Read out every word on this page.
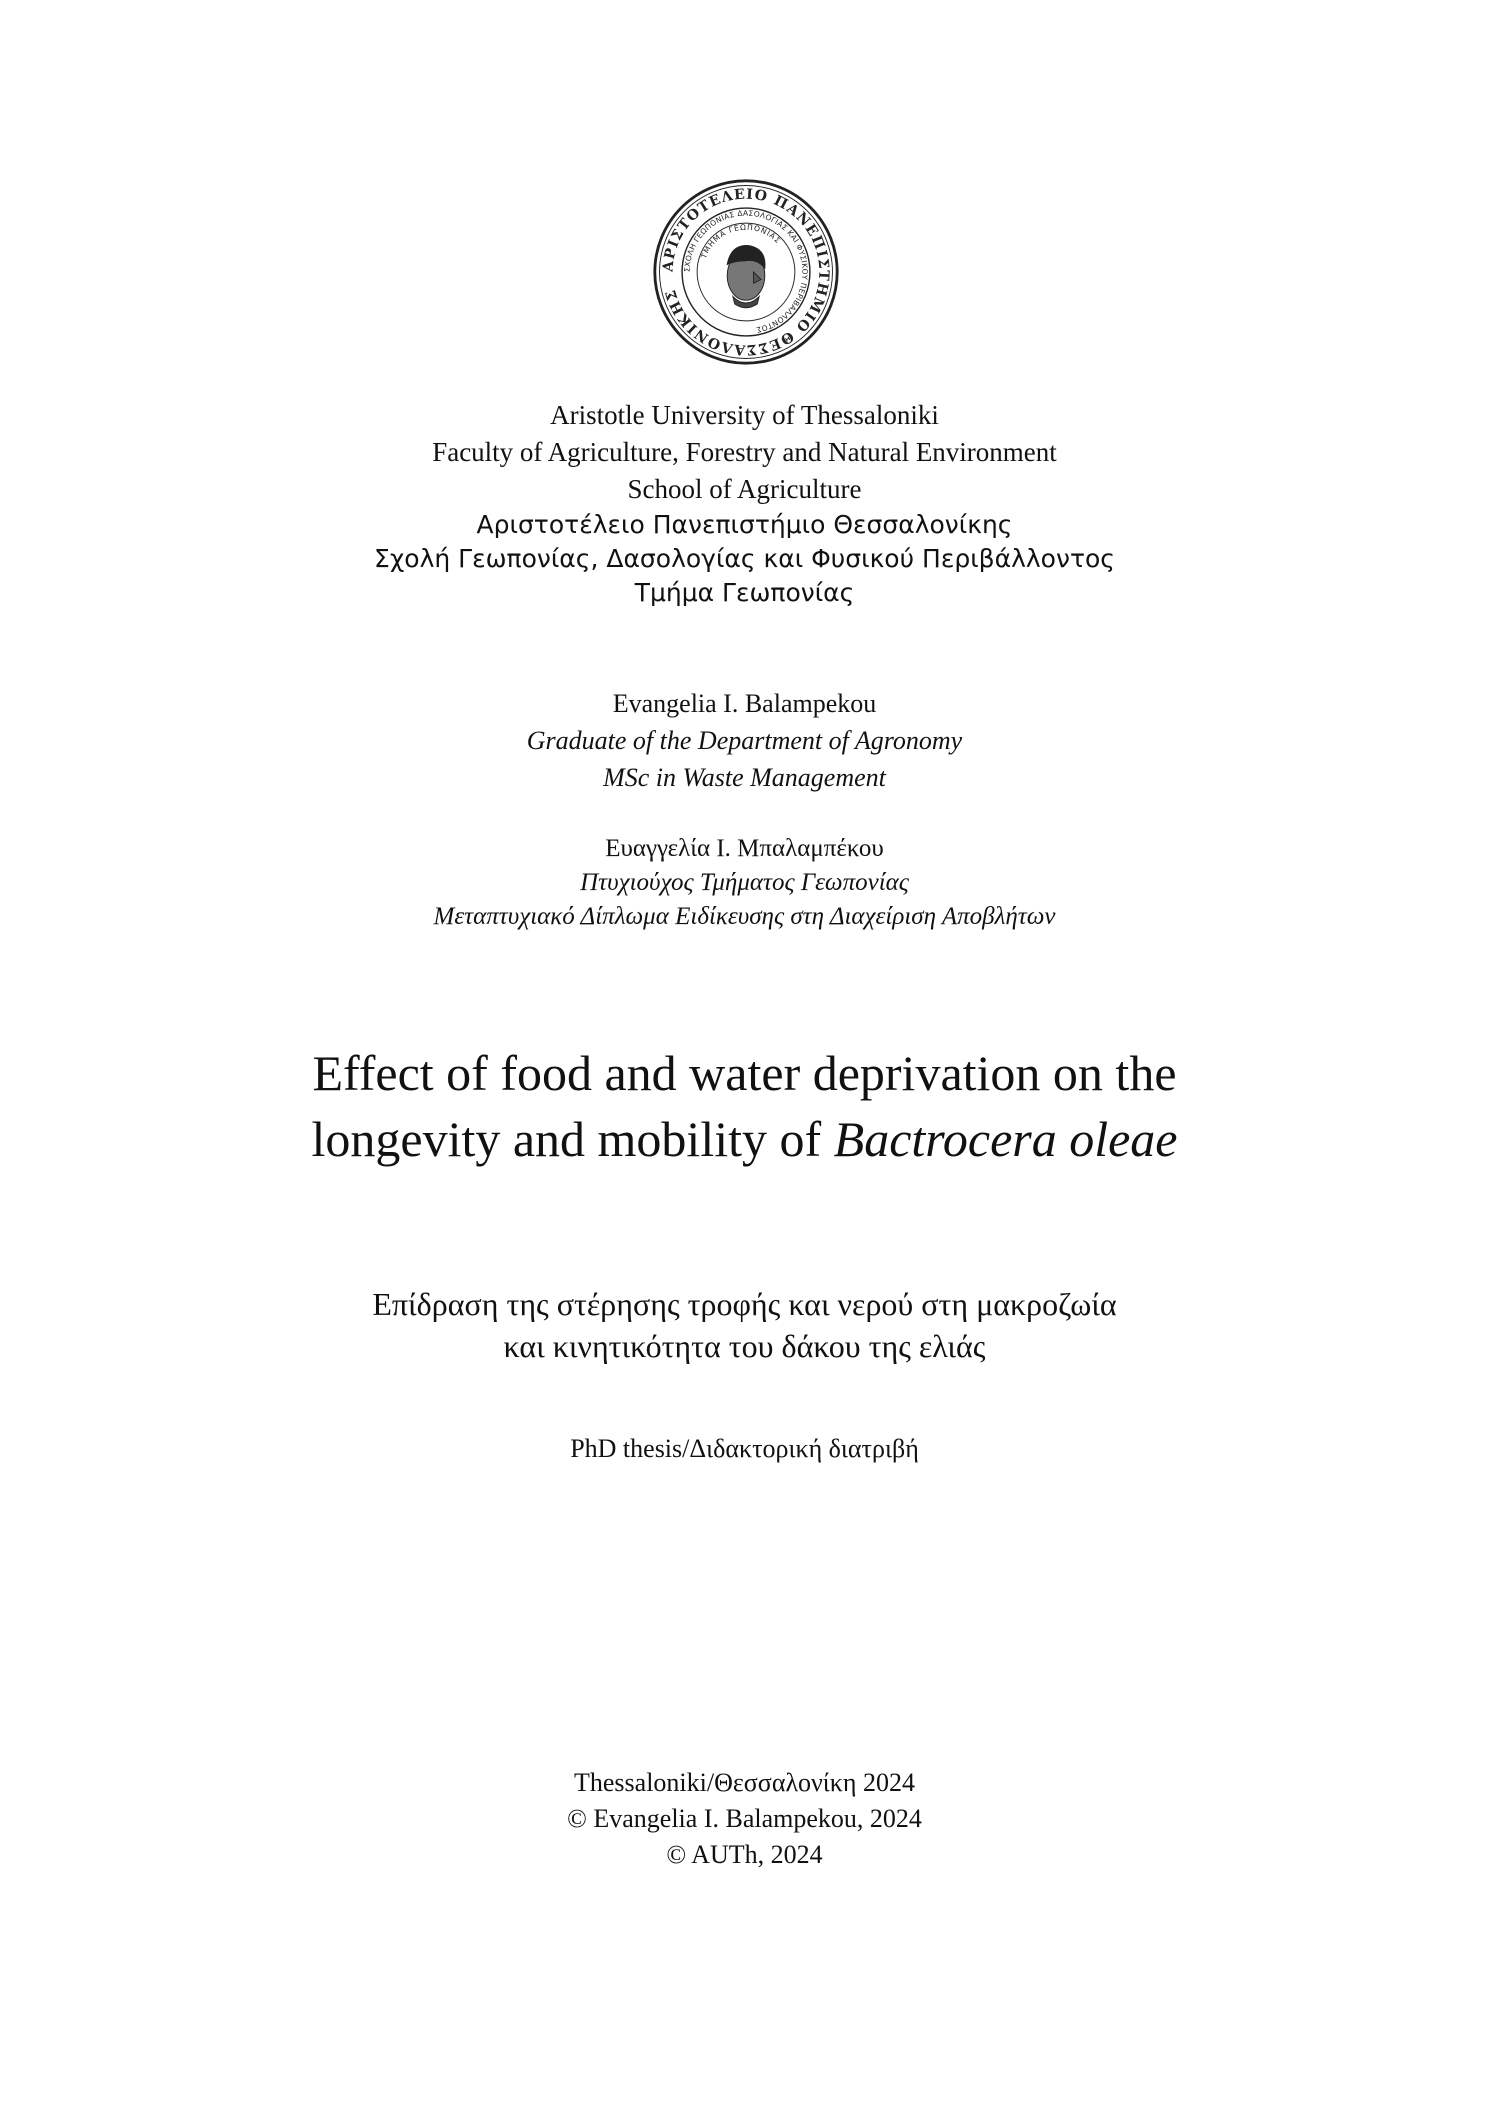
ΑΡΙΣΤΟΤΕΛΕΙΟ ΠΑΝΕΠΙΣΤΗΜΙΟ ΘΕΣΣΑΛΟΝΙΚΗΣ
ΣΧΟΛΗ ΓΕΩΠΟΝΙΑΣ ΔΑΣΟΛΟΓΙΑΣ ΚΑΙ ΦΥΣΙΚΟΥ ΠΕΡΙΒΑΛΛΟΝΤΟΣ
ΤΜΗΜΑ ΓΕΩΠΟΝΙΑΣ
Aristotle University of Thessaloniki
Faculty of Agriculture, Forestry and Natural Environment
School of Agriculture
Αριστοτέλειο Πανεπιστήμιο Θεσσαλονίκης
Σχολή Γεωπονίας, Δασολογίας και Φυσικού Περιβάλλοντος
Τμήμα Γεωπονίας
Evangelia I. Balampekou
Graduate of the Department of Agronomy
MSc in Waste Management
Ευαγγελία Ι. Μπαλαμπέκου
Πτυχιούχος Τμήματος Γεωπονίας
Μεταπτυχιακό Δίπλωμα Ειδίκευσης στη Διαχείριση Αποβλήτων
Effect of food and water deprivation on the
longevity and mobility of Bactrocera oleae
Επίδραση της στέρησης τροφής και νερού στη μακροζωία
και κινητικότητα του δάκου της ελιάς
PhD thesis/Διδακτορική διατριβή
Thessaloniki/Θεσσαλονίκη 2024
© Evangelia I. Balampekou, 2024
© AUTh, 2024
